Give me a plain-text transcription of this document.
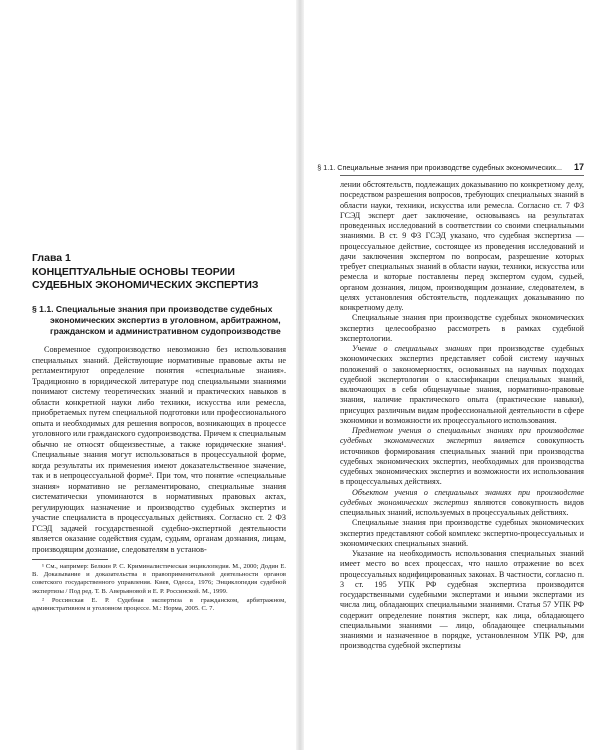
Глава 1
КОНЦЕПТУАЛЬНЫЕ ОСНОВЫ ТЕОРИИ СУДЕБНЫХ ЭКОНОМИЧЕСКИХ ЭКСПЕРТИЗ
§ 1.1. Специальные знания при производстве судебных экономических экспертиз в уголовном, арбитражном, гражданском и административном судопроизводстве

Современное судопроизводство невозможно без использования специальных знаний. Действующие нормативные правовые акты не регламентируют определение понятия «специальные знания». Традиционно в юридической литературе под специальными знаниями понимают систему теоретических знаний и практических навыков в области конкретной науки либо техники, искусства или ремесла, приобретаемых путем специальной подготовки или профессионального опыта и необходимых для решения вопросов, возникающих в процессе уголовного или гражданского судопроизводства. Причем к специальным обычно не относят общеизвестные, а также юридические знания¹. Специальные знания могут использоваться в процессуальной форме, когда результаты их применения имеют доказательственное значение, так и в непроцессуальной форме². При том, что понятие «специальные знания» нормативно не регламентировано, специальные знания систематически упоминаются в нормативных правовых актах, регулирующих назначение и производство судебных экспертиз и участие специалиста в процессуальных действиях. Согласно ст. 2 ФЗ ГСЭД задачей государственной судебно-экспертной деятельности является оказание содействия судам, судьям, органам дознания, лицам, производящим дознание, следователям в установ-

¹ См., например: Белкин Р. С. Криминалистическая энциклопедия. М., 2000; Додин Е. В. Доказывание и доказательства в правоприменительной деятельности органов советского государственного управления. Киев, Одесса, 1976; Энциклопедия судебной экспертизы / Под ред. Т. В. Аверьяновой и Е. Р. Россинской. М., 1999.

² Россинская Е. Р. Судебная экспертиза в гражданском, арбитражном, административном и уголовном процессе. М.: Норма, 2005. С. 7.

§ 1.1. Специальные знания при производстве судебных экономических... 17

лении обстоятельств, подлежащих доказыванию по конкретному делу, посредством разрешения вопросов, требующих специальных знаний в области науки, техники, искусства или ремесла. Согласно ст. 7 ФЗ ГСЭД эксперт дает заключение, основываясь на результатах проведенных исследований в соответствии со своими специальными знаниями. В ст. 9 ФЗ ГСЭД указано, что судебная экспертиза — процессуальное действие, состоящее из проведения исследований и дачи заключения экспертом по вопросам, разрешение которых требует специальных знаний в области науки, техники, искусства или ремесла и которые поставлены перед экспертом судом, судьей, органом дознания, лицом, производящим дознание, следователем, в целях установления обстоятельств, подлежащих доказыванию по конкретному делу.

Специальные знания при производстве судебных экономических экспертиз целесообразно рассмотреть в рамках судебной экспертологии.

Учение о специальных знаниях при производстве судебных экономических экспертиз представляет собой систему научных положений о закономерностях, основанных на научных подходах судебной экспертологии о классификации специальных знаний, включающих в себя общенаучные знания, нормативно-правовые знания, наличие практического опыта (практические навыки), присущих различным видам профессиональной деятельности в сфере экономики и возможности их процессуального использования.

Предметом учения о специальных знаниях при производстве судебных экономических экспертиз является совокупность источников формирования специальных знаний при производства судебных экономических экспертиз, необходимых для производства судебных экономических экспертиз и возможности их использования в процессуальных действиях.

Объектом учения о специальных знаниях при производстве судебных экономических экспертиз являются совокупность видов специальных знаний, используемых в процессуальных действиях.

Специальные знания при производстве судебных экономических экспертиз представляют собой комплекс экспертно-процессуальных и экономических специальных знаний.

Указание на необходимость использования специальных знаний имеет место во всех процессах, что нашло отражение во всех процессуальных кодифицированных законах. В частности, согласно п. 3 ст. 195 УПК РФ судебная экспертиза производится государственными судебными экспертами и иными экспертами из числа лиц, обладающих специальными знаниями. Статья 57 УПК РФ содержит определение понятия эксперт, как лица, обладающего специальными знаниями — лицо, обладающее специальными знаниями и назначенное в порядке, установленном УПК РФ, для производства судебной экспертизы
